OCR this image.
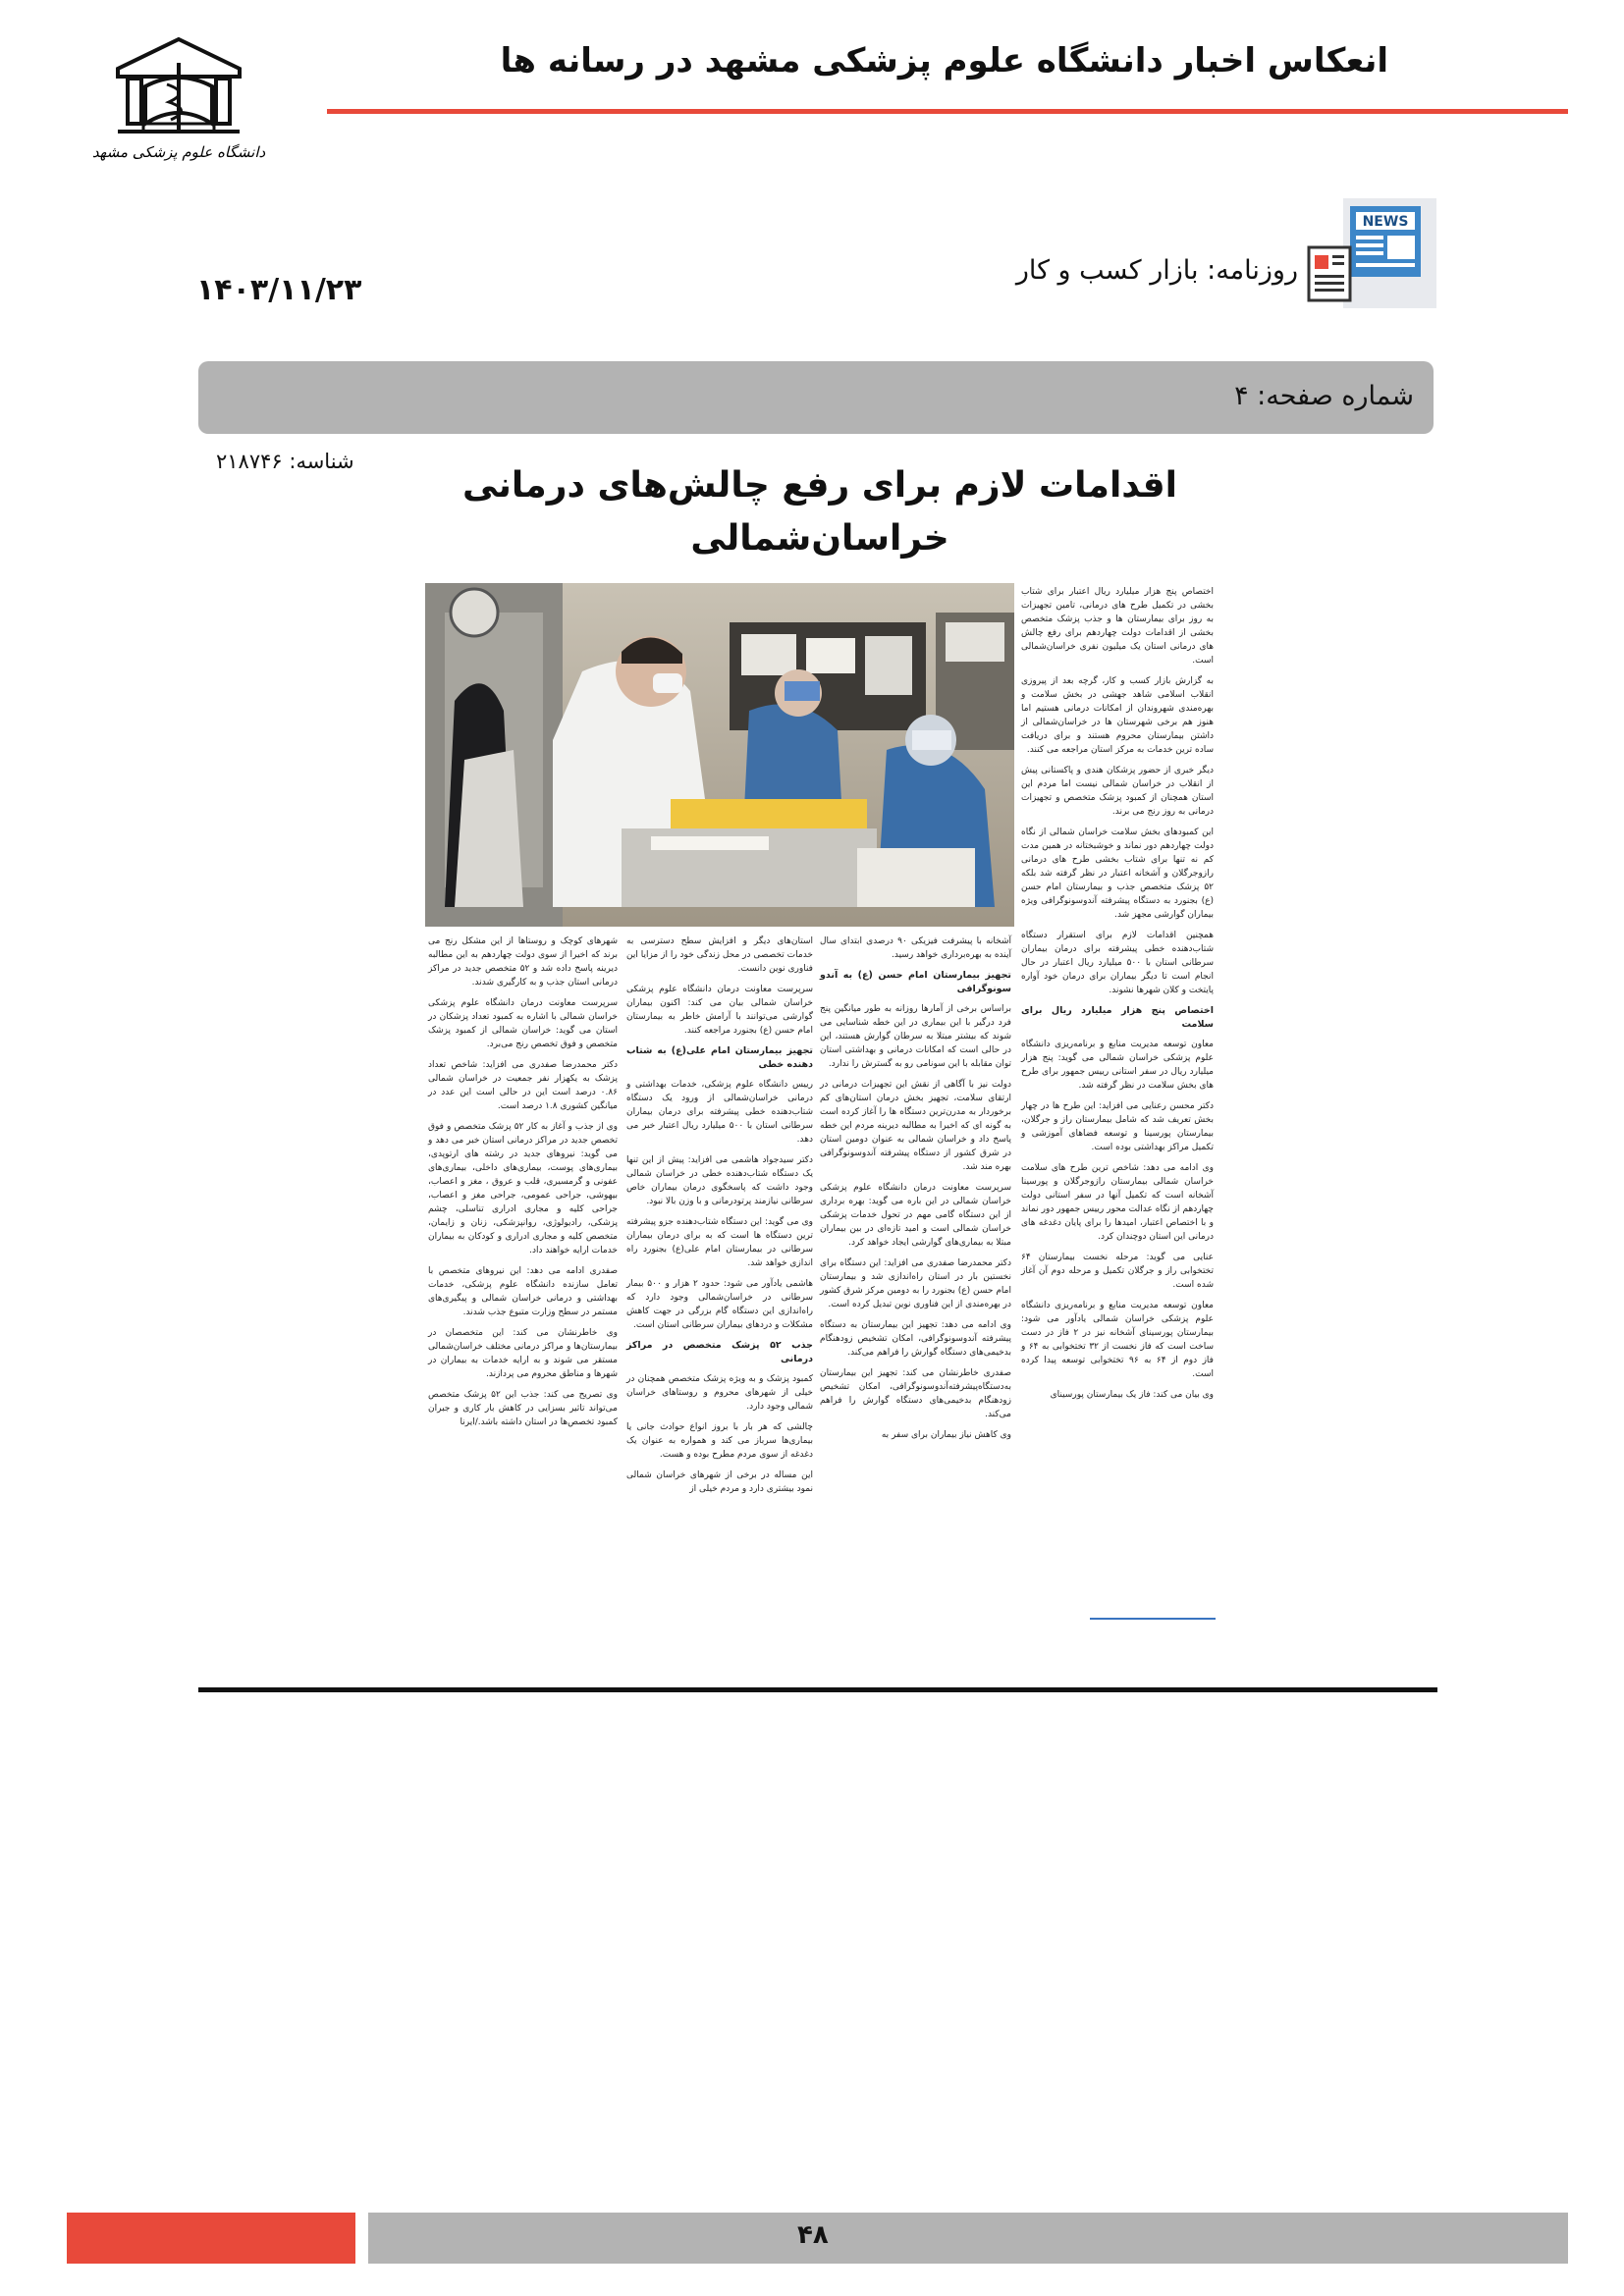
دانشگاه علوم پزشکی مشهد
انعکاس اخبار دانشگاه علوم پزشکی مشهد در رسانه ها
NEWS
روزنامه: بازار کسب و کار
۱۴۰۳/۱۱/۲۳
شماره صفحه: ۴
شناسه: ۲۱۸۷۴۶
اقدامات لازم برای رفع چالش‌های درمانی
خراسان‌شمالی

اختصاص پنج هزار میلیارد ریال اعتبار برای شتاب بخشی در تکمیل طرح های درمانی، تامین تجهیزات به روز برای بیمارستان ها و جذب پزشک متخصص بخشی از اقدامات دولت چهاردهم برای رفع چالش های درمانی استان یک میلیون نفری خراسان‌شمالی است.

به گزارش بازار کسب و کار، گرچه بعد از پیروزی انقلاب اسلامی شاهد جهشی در بخش سلامت و بهره‌مندی شهروندان از امکانات درمانی هستیم اما هنوز هم برخی شهرستان ها در خراسان‌شمالی از داشتن بیمارستان محروم هستند و برای دریافت ساده ترین خدمات به مرکز استان مراجعه می کنند.

دیگر خبری از حضور پزشکان هندی و پاکستانی پیش از انقلاب در خراسان شمالی نیست اما مردم این استان همچنان از کمبود پزشک متخصص و تجهیزات درمانی به روز رنج می برند.

این کمبودهای بخش سلامت خراسان شمالی از نگاه دولت چهاردهم دور نماند و خوشبختانه در همین مدت کم نه تنها برای شتاب بخشی طرح های درمانی رازوجرگلان و آشخانه اعتبار در نظر گرفته شد بلکه ۵۲ پزشک متخصص جذب و بیمارستان امام حسن (ع) بجنورد به دستگاه پیشرفته آندوسونوگرافی ویژه بیماران گوارشی مجهز شد.

همچنین اقدامات لازم برای استقرار دستگاه شتاب‌دهنده خطی پیشرفته برای درمان بیماران سرطانی استان با ۵۰۰ میلیارد ریال اعتبار در حال انجام است تا دیگر بیماران برای درمان خود آواره پایتخت و کلان شهرها نشوند.

اختصاص پنج هزار میلیارد ریال برای سلامت

معاون توسعه مدیریت منابع و برنامه‌ریزی دانشگاه علوم پزشکی خراسان شمالی می گوید: پنج هزار میلیارد ریال در سفر استانی رییس جمهور برای طرح های بخش سلامت در نظر گرفته شد.

دکتر محسن رعنایی می افزاید: این طرح ها در چهار بخش تعریف شد که شامل بیمارستان راز و جرگلان، بیمارستان پورسینا و توسعه فضاهای آموزشی و تکمیل مراکز بهداشتی بوده است.

وی ادامه می دهد: شاخص ترین طرح های سلامت خراسان شمالی بیمارستان رازوجرگلان و پورسینا آشخانه است که تکمیل آنها در سفر استانی دولت چهاردهم از نگاه عدالت محور رییس جمهور دور نماند و با اختصاص اعتبار، امیدها را برای پایان دغدغه های درمانی این استان دوچندان کرد.

عنایی می گوید: مرحله نخست بیمارستان ۶۴ تختخوابی راز و جرگلان تکمیل و مرحله دوم آن آغاز شده است.

معاون توسعه مدیریت منابع و برنامه‌ریزی دانشگاه علوم پزشکی خراسان شمالی یادآور می شود: بیمارستان پورسینای آشخانه نیز در ۲ فاز در دست ساخت است که فاز نخست از ۳۲ تختخوابی به ۶۴ و فاز دوم از ۶۴ به ۹۶ تختخوابی توسعه پیدا کرده است.

وی بیان می کند: فاز یک بیمارستان پورسینای

آشخانه با پیشرفت فیزیکی ۹۰ درصدی ابتدای سال آینده به بهره‌برداری خواهد رسید.

تجهیز بیمارستان امام حسن (ع) به آندو سونوگرافی

براساس برخی از آمارها روزانه به طور میانگین پنج فرد درگیر با این بیماری در این خطه شناسایی می شوند که بیشتر مبتلا به سرطان گوارش هستند، این در حالی است که امکانات درمانی و بهداشتی استان توان مقابله با این سونامی رو به گسترش را ندارد.

دولت نیز با آگاهی از نقش این تجهیزات درمانی در ارتقای سلامت، تجهیز بخش درمان استان‌های کم برخوردار به مدرن‌ترین دستگاه ها را آغاز کرده است به گونه ای که اخیرا به مطالبه دیرینه مردم این خطه پاسخ داد و خراسان شمالی به عنوان دومین استان در شرق کشور از دستگاه پیشرفته آندوسونوگرافی بهره مند شد.

سرپرست معاونت درمان دانشگاه علوم پزشکی خراسان شمالی در این باره می گوید: بهره برداری از این دستگاه گامی مهم در تحول خدمات پزشکی خراسان شمالی است و امید تازه‌ای در بین بیماران مبتلا به بیماری‌های گوارشی ایجاد خواهد کرد.

دکتر محمدرضا صفدری می افزاید: این دستگاه برای نخستین بار در استان راه‌اندازی شد و بیمارستان امام حسن (ع) بجنورد را به دومین مرکز شرق کشور در بهره‌مندی از این فناوری نوین تبدیل کرده است.

وی ادامه می دهد: تجهیز این بیمارستان به دستگاه پیشرفته آندوسونوگرافی، امکان تشخیص زودهنگام بدخیمی‌های دستگاه گوارش را فراهم می‌کند.

صفدری خاطرنشان می کند: تجهیز این بیمارستان به‌دستگاه‌پیشرفته‌آندوسونوگرافی، امکان تشخیص زودهنگام بدخیمی‌های دستگاه گوارش را فراهم می‌کند.

وی کاهش نیاز بیماران برای سفر به

استان‌های دیگر و افزایش سطح دسترسی به خدمات تخصصی در محل زندگی خود را از مزایا این فناوری نوین دانست.

سرپرست معاونت درمان دانشگاه علوم پزشکی خراسان شمالی بیان می کند: اکنون بیماران گوارشی می‌توانند با آرامش خاطر به بیمارستان امام حسن (ع) بجنورد مراجعه کنند.

تجهیز بیمارستان امام علی(ع) به شتاب دهنده خطی

رییس دانشگاه علوم پزشکی، خدمات بهداشتی و درمانی خراسان‌شمالی از ورود یک دستگاه شتاب‌دهنده خطی پیشرفته برای درمان بیماران سرطانی استان با ۵۰۰ میلیارد ریال اعتبار خبر می دهد.

دکتر سیدجواد هاشمی می افزاید: پیش از این تنها یک دستگاه شتاب‌دهنده خطی در خراسان شمالی وجود داشت که پاسخگوی درمان بیماران خاص سرطانی نیازمند پرتودرمانی و با وزن بالا نبود.

وی می گوید: این دستگاه شتاب‌دهنده جزو پیشرفته ترین دستگاه ها است که به برای درمان بیماران سرطانی در بیمارستان امام علی(ع) بجنورد راه اندازی خواهد شد.

هاشمی یادآور می شود: حدود ۲ هزار و ۵۰۰ بیمار سرطانی در خراسان‌شمالی وجود دارد که راه‌اندازی این دستگاه گام بزرگی در جهت کاهش مشکلات و دردهای بیماران سرطانی استان است.

جذب ۵۲ پزشک متخصص در مراکز درمانی

کمبود پزشک و به ویژه پزشک متخصص همچنان در خیلی از شهرهای محروم و روستاهای خراسان شمالی وجود دارد.

چالشی که هر بار با بروز انواع حوادث جانی یا بیماری‌ها سرباز می کند و همواره به عنوان یک دغدغه از سوی مردم مطرح بوده و هست.

این مساله در برخی از شهرهای خراسان شمالی نمود بیشتری دارد و مردم خیلی از

شهرهای کوچک و روستاها از این مشکل رنج می برند که اخیرا از سوی دولت چهاردهم به این مطالبه دیرینه پاسخ داده شد و ۵۲ متخصص جدید در مراکز درمانی استان جذب و به کارگیری شدند.

سرپرست معاونت درمان دانشگاه علوم پزشکی خراسان شمالی با اشاره به کمبود تعداد پزشکان در استان می گوید: خراسان شمالی از کمبود پزشک متخصص و فوق تخصص رنج می‌برد.

دکتر محمدرضا صفدری می افزاید: شاخص تعداد پزشک به یکهزار نفر جمعیت در خراسان شمالی ۰.۸۶ درصد است این در حالی است این عدد در میانگین کشوری ۱.۸ درصد است.

وی از جذب و آغاز به کار ۵۲ پزشک متخصص و فوق تخصص جدید در مراکز درمانی استان خبر می دهد و می گوید: نیروهای جدید در رشته های ارتوپدی، بیماری‌های پوست، بیماری‌های داخلی، بیماری‌های عفونی و گرمسیری، قلب و عروق ، مغز و اعصاب، بیهوشی، جراحی عمومی، جراحی مغز و اعصاب، جراحی کلیه و مجاری ادراری تناسلی، چشم پزشکی، رادیولوژی، روانپزشکی، زنان و زایمان، متخصص کلیه و مجاری ادراری و کودکان به بیماران خدمات ارایه خواهند داد.

صفدری ادامه می دهد: این نیروهای متخصص با تعامل سازنده دانشگاه علوم پزشکی، خدمات بهداشتی و درمانی خراسان شمالی و پیگیری‌های مستمر در سطح وزارت متبوع جذب شدند.

وی خاطرنشان می کند: این متخصصان در بیمارستان‌ها و مراکز درمانی مختلف خراسان‌شمالی مستقر می شوند و به ارایه خدمات به بیماران در شهرها و مناطق محروم می پردازند.

وی تصریح می کند: جذب این ۵۲ پزشک متخصص می‌تواند تاثیر بسزایی در کاهش بار کاری و جبران کمبود تخصص‌ها در استان داشته باشد./ایرنا

۴۸
